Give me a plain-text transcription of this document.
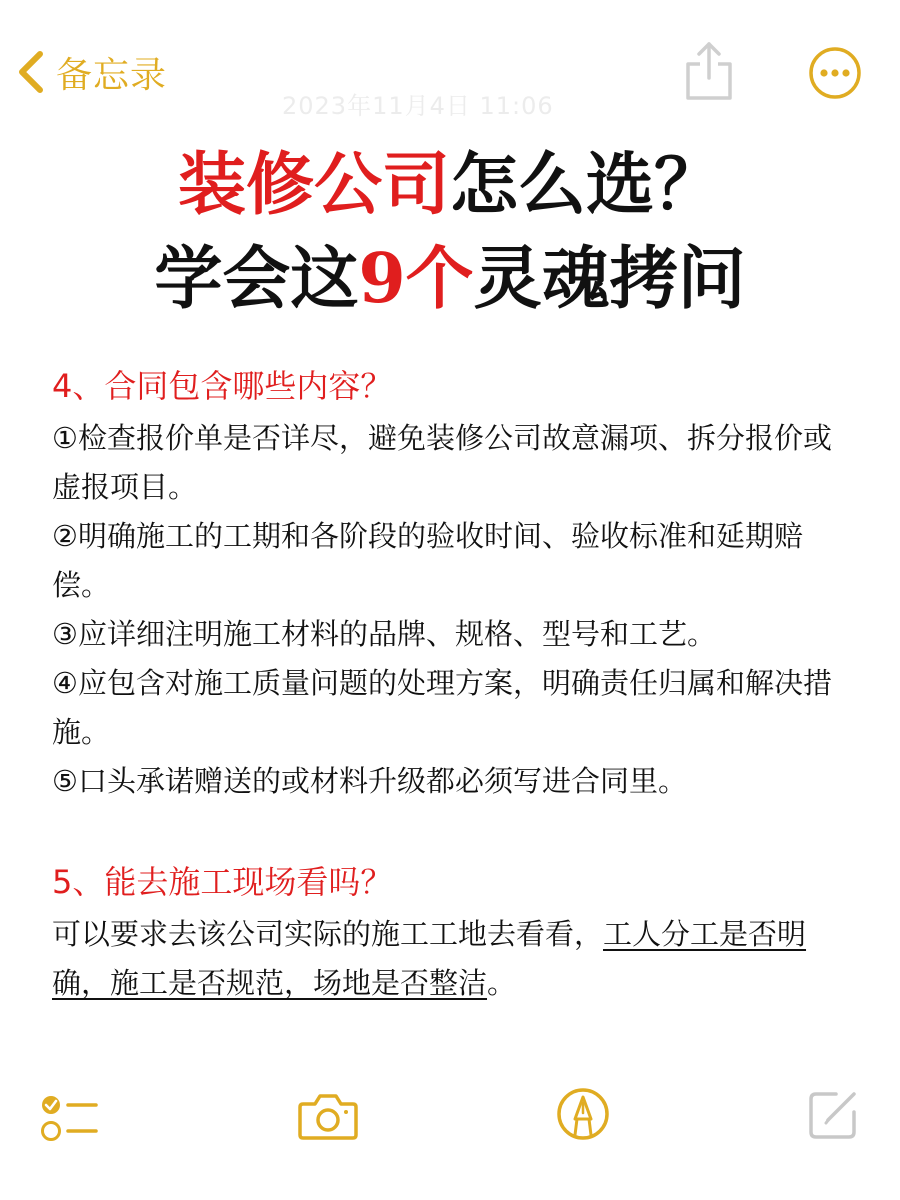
备忘录
2023年11月4日 11:06
装修公司怎么选？
学会这9个灵魂拷问
4、合同包含哪些内容？

①检查报价单是否详尽，避免装修公司故意漏项、拆分报价或虚报项目。

②明确施工的工期和各阶段的验收时间、验收标准和延期赔偿。

③应详细注明施工材料的品牌、规格、型号和工艺。

④应包含对施工质量问题的处理方案，明确责任归属和解决措施。

⑤口头承诺赠送的或材料升级都必须写进合同里。

5、能去施工现场看吗？

可以要求去该公司实际的施工工地去看看，工人分工是否明确，施工是否规范，场地是否整洁。
